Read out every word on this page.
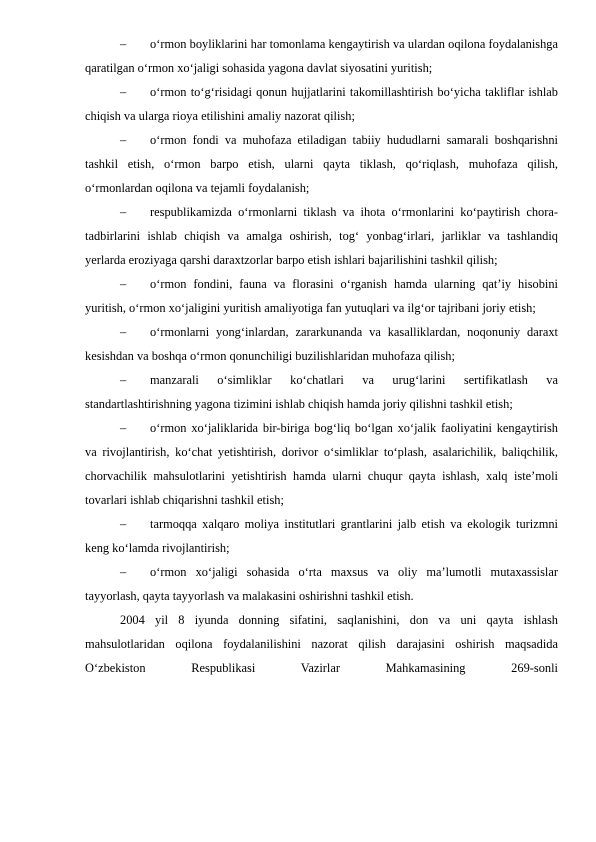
– o‘rmon boyliklarini har tomonlama kengaytirish va ulardan oqilona foydalanishga qaratilgan o‘rmon xo‘jaligi sohasida yagona davlat siyosatini yuritish;

– o‘rmon to‘g‘risidagi qonun hujjatlarini takomillashtirish bo‘yicha takliflar ishlab chiqish va ularga rioya etilishini amaliy nazorat qilish;

– o‘rmon fondi va muhofaza etiladigan tabiiy hududlarni samarali boshqarishni tashkil etish, o‘rmon barpo etish, ularni qayta tiklash, qo‘riqlash, muhofaza qilish, o‘rmonlardan oqilona va tejamli foydalanish;

– respublikamizda o‘rmonlarni tiklash va ihota o‘rmonlarini ko‘paytirish chora-tadbirlarini ishlab chiqish va amalga oshirish, tog‘ yonbag‘irlari, jarliklar va tashlandiq yerlarda eroziyaga qarshi daraxtzorlar barpo etish ishlari bajarilishini tashkil qilish;

– o‘rmon fondini, fauna va florasini o‘rganish hamda ularning qat’iy hisobini yuritish, o‘rmon xo‘jaligini yuritish amaliyotiga fan yutuqlari va ilg‘or tajribani joriy etish;

– o‘rmonlarni yong‘inlardan, zararkunanda va kasalliklardan, noqonuniy daraxt kesishdan va boshqa o‘rmon qonunchiligi buzilishlaridan muhofaza qilish;

– manzarali o‘simliklar ko‘chatlari va urug‘larini sertifikatlash va standartlashtirishning yagona tizimini ishlab chiqish hamda joriy qilishni tashkil etish;

– o‘rmon xo‘jaliklarida bir-biriga bog‘liq bo‘lgan xo‘jalik faoliyatini kengaytirish va rivojlantirish, ko‘chat yetishtirish, dorivor o‘simliklar to‘plash, asalarichilik, baliqchilik, chorvachilik mahsulotlarini yetishtirish hamda ularni chuqur qayta ishlash, xalq iste’moli tovarlari ishlab chiqarishni tashkil etish;

– tarmoqqa xalqaro moliya institutlari grantlarini jalb etish va ekologik turizmni keng ko‘lamda rivojlantirish;

– o‘rmon xo‘jaligi sohasida o‘rta maxsus va oliy ma’lumotli mutaxassislar tayyorlash, qayta tayyorlash va malakasini oshirishni tashkil etish.

2004 yil 8 iyunda donning sifatini, saqlanishini, don va uni qayta ishlash mahsulotlaridan oqilona foydalanilishini nazorat qilish darajasini oshirish maqsadida O‘zbekiston Respublikasi Vazirlar Mahkamasining 269-sonli
